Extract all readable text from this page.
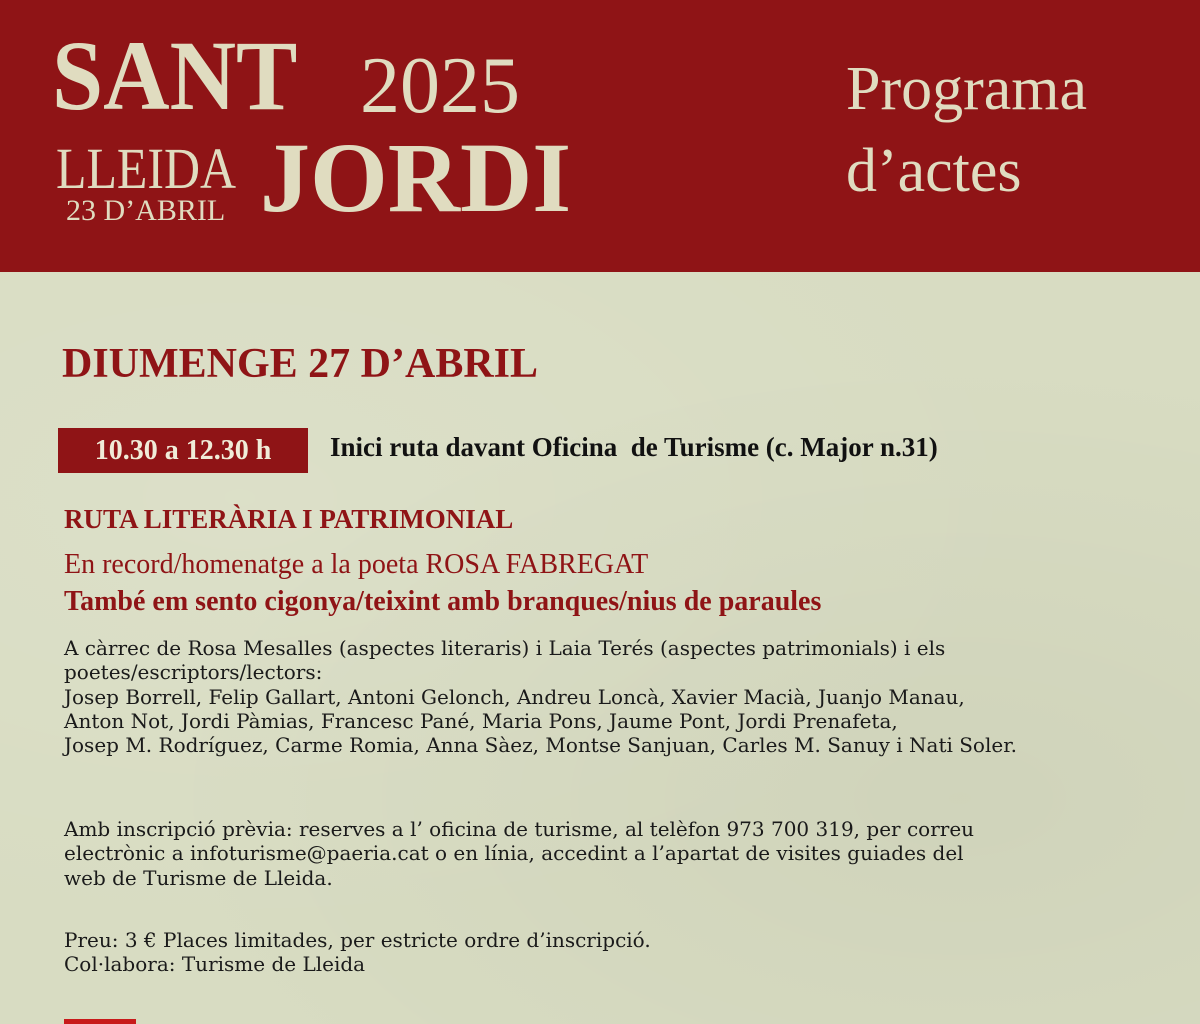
SANT 2025
LLEIDA
23 D’ABRIL JORDI
Programa
d’actes
DIUMENGE 27 D’ABRIL
10.30 a 12.30 h	Inici ruta davant Oficina  de Turisme (c. Major n.31)
RUTA LITERÀRIA I PATRIMONIAL
En record/homenatge a la poeta ROSA FABREGAT
També em sento cigonya/teixint amb branques/nius de paraules

A càrrec de Rosa Mesalles (aspectes literaris) i Laia Terés (aspectes patrimonials) i els

poetes/escriptors/lectors:

Josep Borrell, Felip Gallart, Antoni Gelonch, Andreu Loncà, Xavier Macià, Juanjo Manau,

Anton Not, Jordi Pàmias, Francesc Pané, Maria Pons, Jaume Pont, Jordi Prenafeta,

Josep M. Rodríguez, Carme Romia, Anna Sàez, Montse Sanjuan, Carles M. Sanuy i Nati Soler.

Amb inscripció prèvia: reserves a l’ oficina de turisme, al telèfon 973 700 319, per correu

electrònic a infoturisme@paeria.cat o en línia, accedint a l’apartat de visites guiades del

web de Turisme de Lleida.

Preu: 3 € Places limitades, per estricte ordre d’inscripció.

Col·labora: Turisme de Lleida
